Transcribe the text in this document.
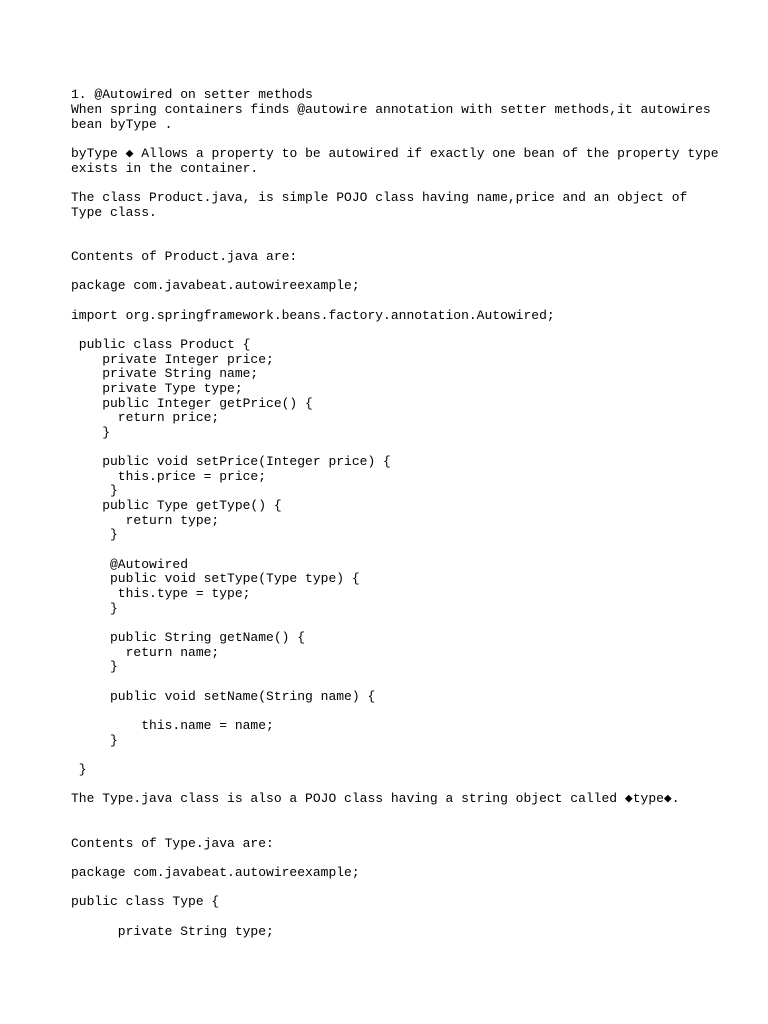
1. @Autowired on setter methods

When spring containers finds @autowire annotation with setter methods,it autowires

bean byType .

byType ◆ Allows a property to be autowired if exactly one bean of the property type

exists in the container.

The class Product.java, is simple POJO class having name,price and an object of

Type class.

Contents of Product.java are:

package com.javabeat.autowireexample;

import org.springframework.beans.factory.annotation.Autowired;

public class Product {

private Integer price;

private String name;

private Type type;

public Integer getPrice() {

return price;

}

public void setPrice(Integer price) {

this.price = price;

}

public Type getType() {

return type;

}

@Autowired

public void setType(Type type) {

this.type = type;

}

public String getName() {

return name;

}

public void setName(String name) {

this.name = name;

}

}

The Type.java class is also a POJO class having a string object called ◆type◆.

Contents of Type.java are:

package com.javabeat.autowireexample;

public class Type {

private String type;
